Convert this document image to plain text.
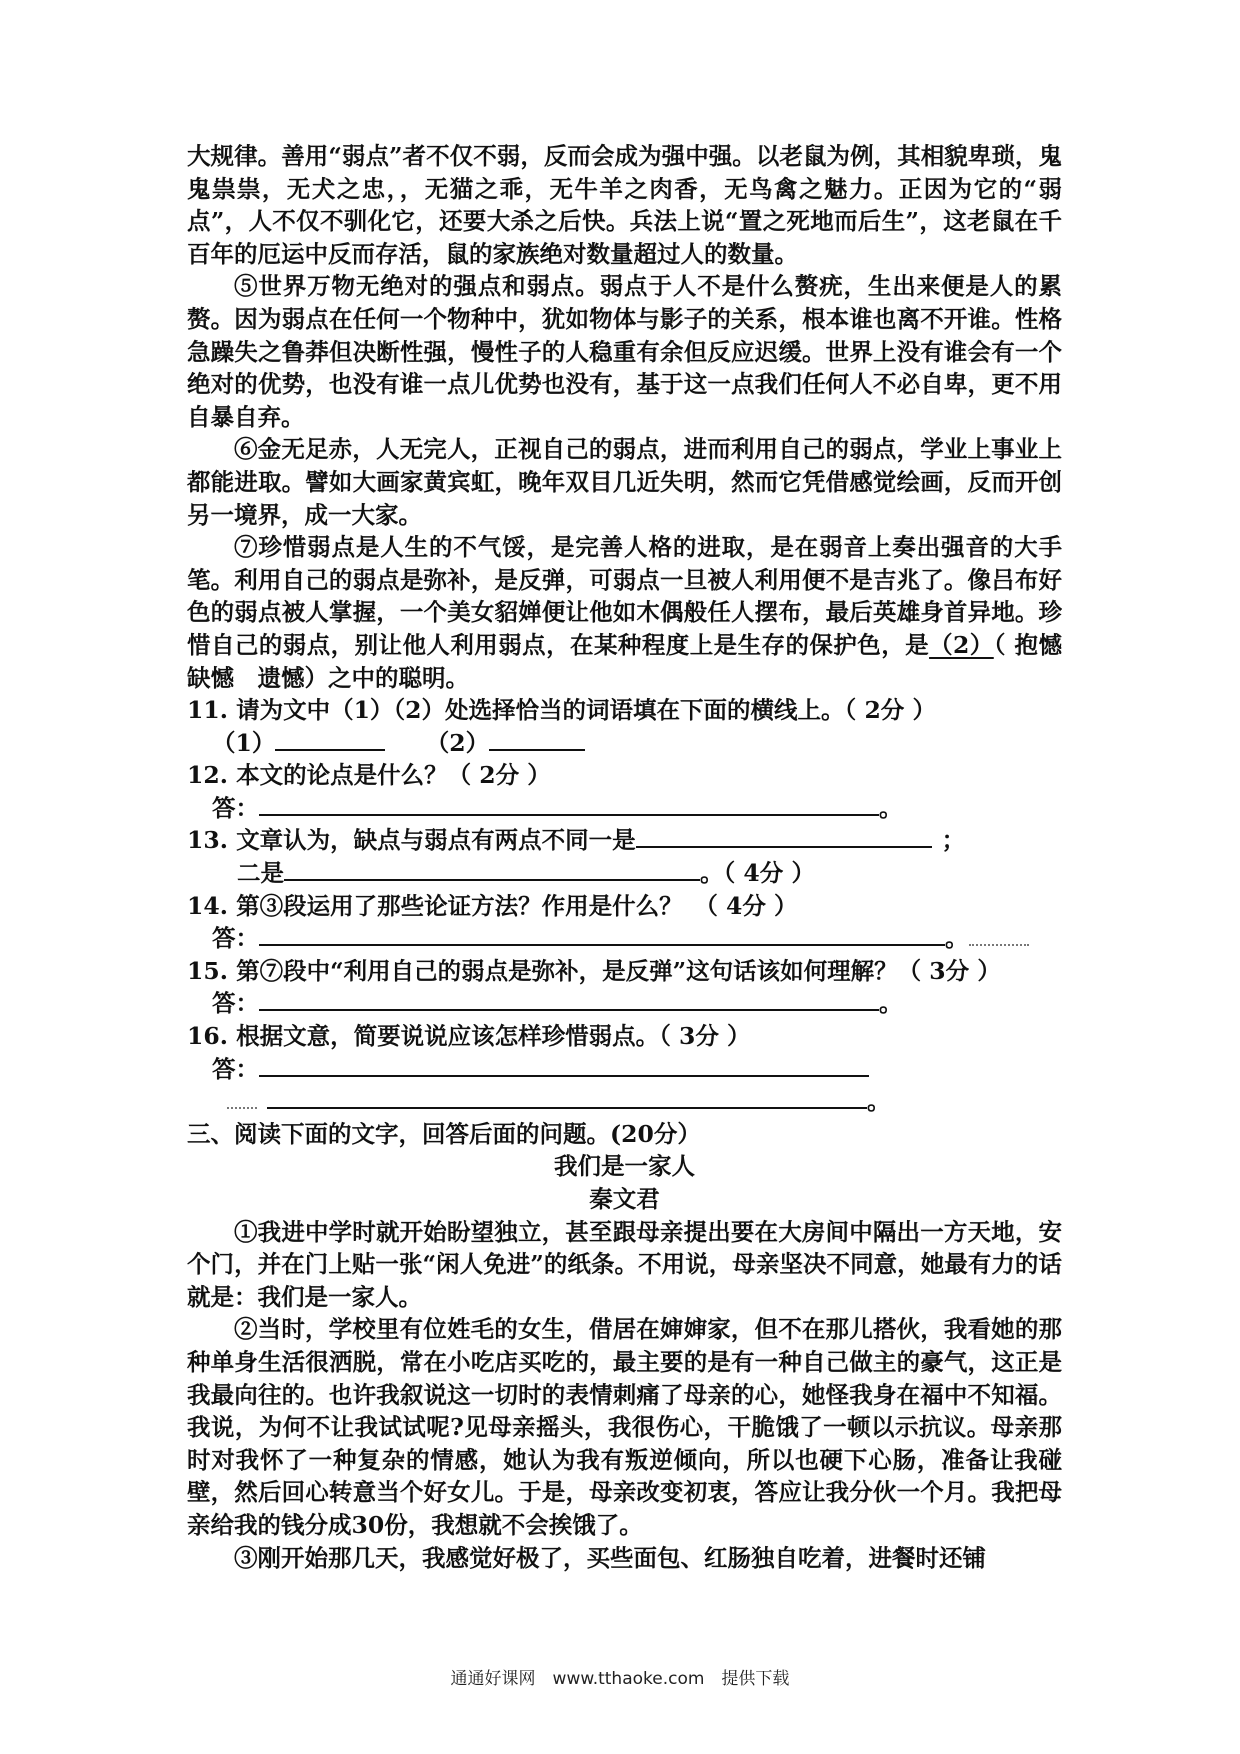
大规律。善用“弱点”者不仅不弱，反而会成为强中强。以老鼠为例，其相貌卑琐，鬼鬼祟祟，无犬之忠，，无猫之乖，无牛羊之肉香，无鸟禽之魅力。正因为它的“弱点”，人不仅不驯化它，还要大杀之后快。兵法上说“置之死地而后生”，这老鼠在千百年的厄运中反而存活，鼠的家族绝对数量超过人的数量。

⑤世界万物无绝对的强点和弱点。弱点于人不是什么赘疣，生出来便是人的累赘。因为弱点在任何一个物种中，犹如物体与影子的关系，根本谁也离不开谁。性格急躁失之鲁莽但决断性强，慢性子的人稳重有余但反应迟缓。世界上没有谁会有一个绝对的优势，也没有谁一点儿优势也没有，基于这一点我们任何人不必自卑，更不用自暴自弃。

⑥金无足赤，人无完人，正视自己的弱点，进而利用自己的弱点，学业上事业上都能进取。譬如大画家黄宾虹，晚年双目几近失明，然而它凭借感觉绘画，反而开创另一境界，成一大家。

⑦珍惜弱点是人生的不气馁，是完善人格的进取，是在弱音上奏出强音的大手笔。利用自己的弱点是弥补，是反弹，可弱点一旦被人利用便不是吉兆了。像吕布好色的弱点被人掌握，一个美女貂婵便让他如木偶般任人摆布，最后英雄身首异地。珍惜自己的弱点，别让他人利用弱点，在某种程度上是生存的保护色，是（2）（ 抱憾　缺憾　遗憾）之中的聪明。

11. 请为文中（1）（2）处选择恰当的词语填在下面的横线上。（ 2分 ）

（1）	（2）

12. 本文的论点是什么？（ 2分 ）

答：	。

13. 文章认为，缺点与弱点有两点不同一是	；

二是	。（ 4分 ）

14. 第③段运用了那些论证方法？作用是什么？　（ 4分 ）

答：	。

15. 第⑦段中“利用自己的弱点是弥补，是反弹”这句话该如何理解？（ 3分 ）

答：	。

16. 根据文意，简要说说应该怎样珍惜弱点。（ 3分 ）

答：

。

三、阅读下面的文字，回答后面的问题。(20分）

我们是一家人

秦文君

①我进中学时就开始盼望独立，甚至跟母亲提出要在大房间中隔出一方天地，安个门，并在门上贴一张“闲人免进”的纸条。不用说，母亲坚决不同意，她最有力的话就是：我们是一家人。

②当时，学校里有位姓毛的女生，借居在婶婶家，但不在那儿搭伙，我看她的那种单身生活很洒脱，常在小吃店买吃的，最主要的是有一种自己做主的豪气，这正是我最向往的。也许我叙说这一切时的表情刺痛了母亲的心，她怪我身在福中不知福。我说，为何不让我试试呢?见母亲摇头，我很伤心，干脆饿了一顿以示抗议。母亲那时对我怀了一种复杂的情感，她认为我有叛逆倾向，所以也硬下心肠，准备让我碰壁，然后回心转意当个好女儿。于是，母亲改变初衷，答应让我分伙一个月。我把母亲给我的钱分成30份，我想就不会挨饿了。

③刚开始那几天，我感觉好极了，买些面包、红肠独自吃着，进餐时还铺

通通好课网　www.tthaoke.com　提供下载
